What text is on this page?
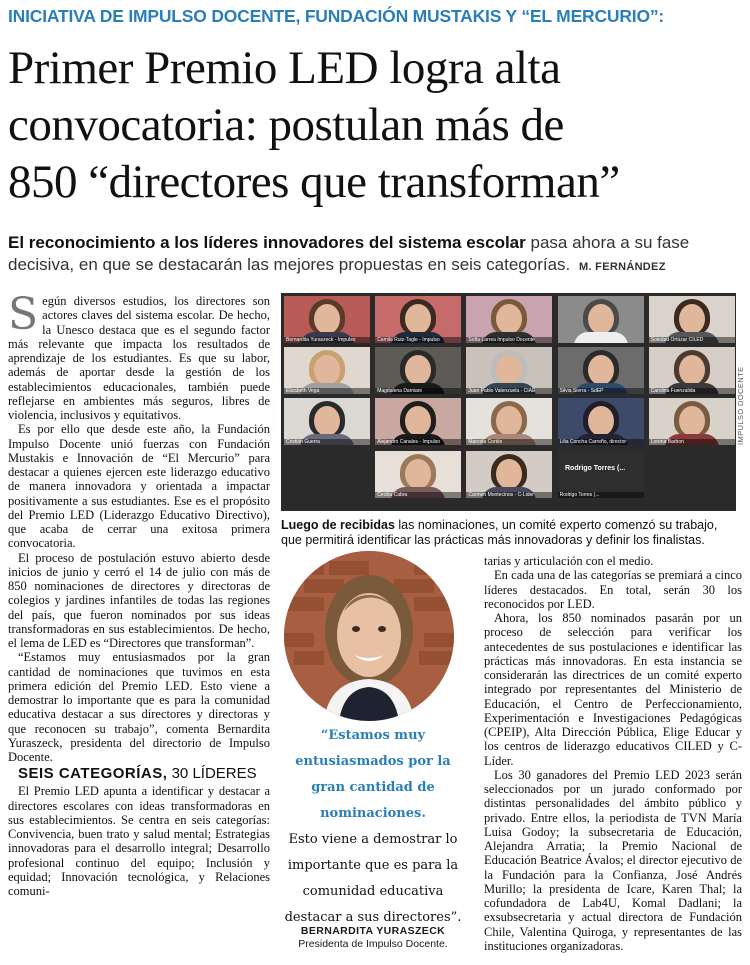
INICIATIVA DE IMPULSO DOCENTE, FUNDACIÓN MUSTAKIS Y “EL MERCURIO”:
Primer Premio LED logra alta
convocatoria: postulan más de
850 “directores que transforman”
El reconocimiento a los líderes innovadores del sistema escolar pasa ahora a su fase decisiva, en que se destacarán las mejores propuestas en seis categorías. M. FERNÁNDEZ

Según diversos estudios, los directores son actores claves del sistema escolar. De hecho, la Unesco destaca que es el segundo factor más relevante que impacta los resultados de aprendizaje de los estudiantes. Es que su labor, además de aportar desde la gestión de los establecimientos educacionales, también puede reflejarse en ambientes más seguros, libres de violencia, inclusivos y equitativos.

Es por ello que desde este año, la Fundación Impulso Docente unió fuerzas con Fundación Mustakis e Innovación de “El Mercurio” para destacar a quienes ejercen este liderazgo educativo de manera innovadora y orientada a impactar positivamente a sus estudiantes. Ese es el propósito del Premio LED (Liderazgo Educativo Directivo), que acaba de cerrar una exitosa primera convocatoria.

El proceso de postulación estuvo abierto desde inicios de junio y cerró el 14 de julio con más de 850 nominaciones de directores y directoras de colegios y jardines infantiles de todas las regiones del país, que fueron nominados por sus ideas transformadoras en sus establecimientos. De hecho, el lema de LED es “Directores que transforman”.

“Estamos muy entusiasmados por la gran cantidad de nominaciones que tuvimos en esta primera edición del Premio LED. Esto viene a demostrar lo importante que es para la comunidad educativa destacar a sus directores y directoras y que reconocen su trabajo”, comenta Bernardita Yuraszeck, presidenta del directorio de Impulso Docente.

SEIS CATEGORÍAS, 30 LÍDERES

El Premio LED apunta a identificar y destacar a directores escolares con ideas transformadoras en sus establecimientos. Se centra en seis categorías: Convivencia, buen trato y salud mental; Estrategias innovadoras para el desarrollo integral; Desarrollo profesional continuo del equipo; Inclusión y equidad; Innovación tecnológica, y Relaciones comuni-

Bernardita Yuraszeck - Impulso	Camila Ruiz-Tagle - Impulso	Sofía Larrea Impulso Docente	Soledad Ortúzar CILED
Elizabeth Vega	Magdalena Damiani	Juan Pablo Valenzuela - CIAE	Silvia Sierra - SdEP	Carolina Fuenzalida
Cristián Guerra	Alejandro Canales - Impulso	Marcela Cortés	Lilia Concha Carreño, director	Lorena Barbon
Cecilia Cabra	Carmen Montecinos - C-Lider	Rodrigo Torres (...
Rodrigo Torres (...
IMPULSO DOCENTE
Luego de recibidas las nominaciones, un comité experto comenzó su trabajo, que permitirá identificar las prácticas más innovadoras y definir los finalistas.
“Estamos muy entusiasmados por la gran cantidad de nominaciones.
Esto viene a demostrar lo importante que es para la comunidad educativa destacar a sus directores”.
BERNARDITA YURASZECK
Presidenta de Impulso Docente.

tarias y articulación con el medio.

En cada una de las categorías se premiará a cinco líderes destacados. En total, serán 30 los reconocidos por LED.

Ahora, los 850 nominados pasarán por un proceso de selección para verificar los antecedentes de sus postulaciones e identificar las prácticas más innovadoras. En esta instancia se considerarán las directrices de un comité experto integrado por representantes del Ministerio de Educación, el Centro de Perfeccionamiento, Experimentación e Investigaciones Pedagógicas (CPEIP), Alta Dirección Pública, Elige Educar y los centros de liderazgo educativos CILED y C-Líder.

Los 30 ganadores del Premio LED 2023 serán seleccionados por un jurado conformado por distintas personalidades del ámbito público y privado. Entre ellos, la periodista de TVN María Luisa Godoy; la subsecretaria de Educación, Alejandra Arratia; la Premio Nacional de Educación Beatrice Ávalos; el director ejecutivo de la Fundación para la Confianza, José Andrés Murillo; la presidenta de Icare, Karen Thal; la cofundadora de Lab4U, Komal Dadlani; la exsubsecretaria y actual directora de Fundación Chile, Valentina Quiroga, y representantes de las instituciones organizadoras.
